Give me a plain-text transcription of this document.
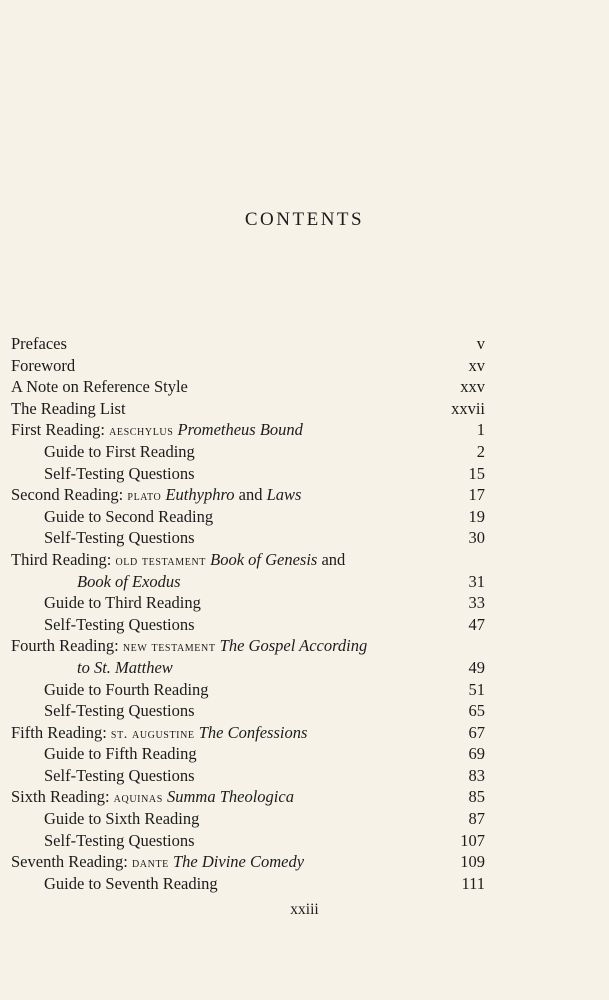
CONTENTS
Prefaces	v
Foreword	xv
A Note on Reference Style	xxv
The Reading List	xxvii
First Reading: aeschylus Prometheus Bound	1
Guide to First Reading	2
Self-Testing Questions	15
Second Reading: plato Euthyphro and Laws	17
Guide to Second Reading	19
Self-Testing Questions	30
Third Reading: old testament Book of Genesis and
Book of Exodus	31
Guide to Third Reading	33
Self-Testing Questions	47
Fourth Reading: new testament The Gospel According
to St. Matthew	49
Guide to Fourth Reading	51
Self-Testing Questions	65
Fifth Reading: st. augustine The Confessions	67
Guide to Fifth Reading	69
Self-Testing Questions	83
Sixth Reading: aquinas Summa Theologica	85
Guide to Sixth Reading	87
Self-Testing Questions	107
Seventh Reading: dante The Divine Comedy	109
Guide to Seventh Reading	111
xxiii
